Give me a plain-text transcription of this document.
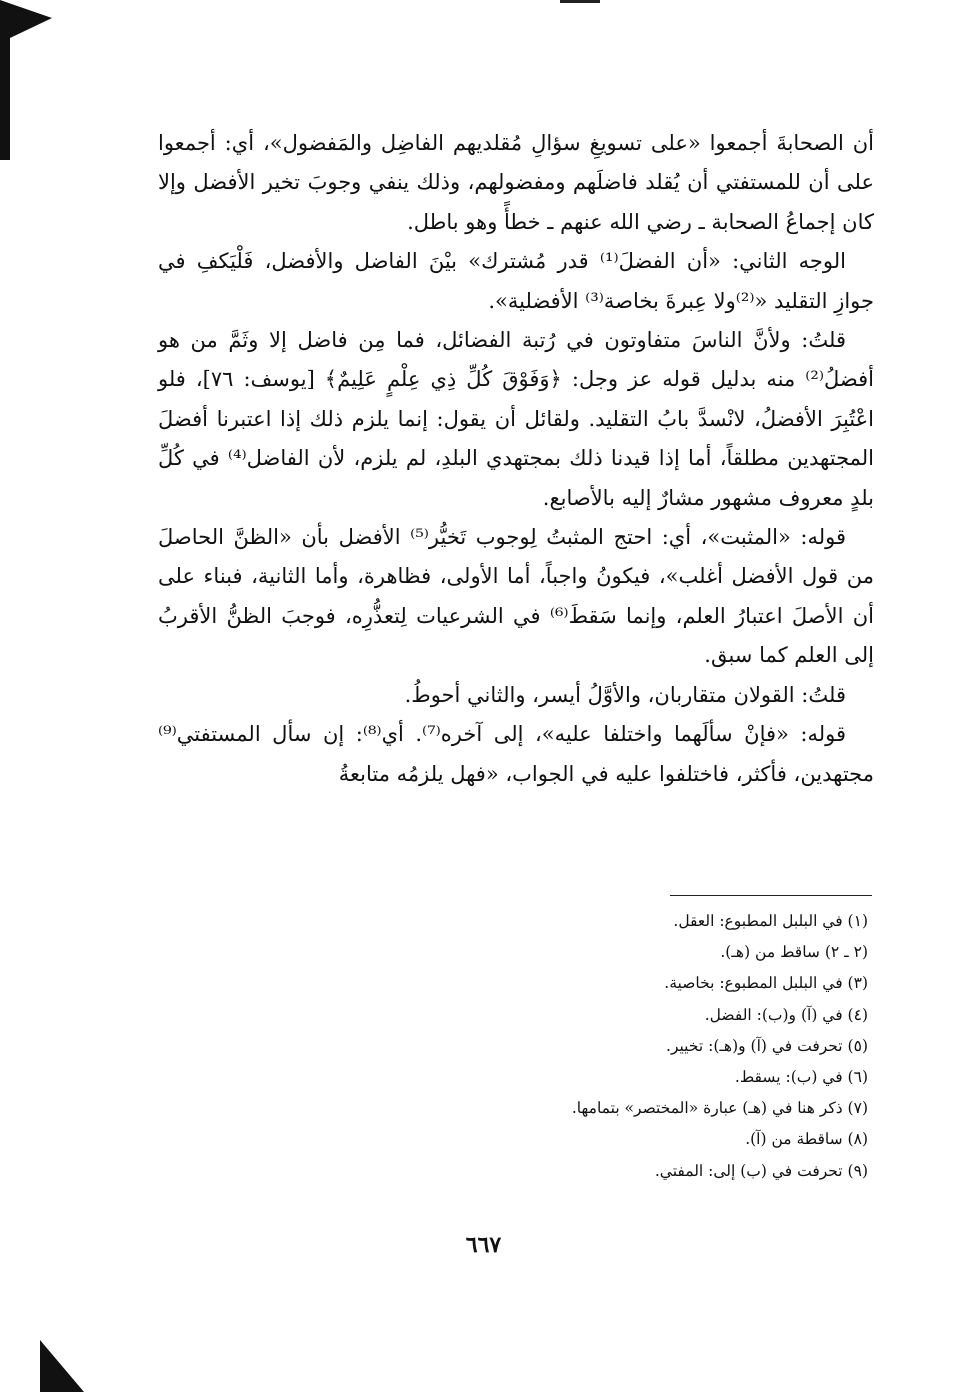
أن الصحابةَ أجمعوا «على تسويغِ سؤالِ مُقلديهم الفاضِل والمَفضول»، أي: أجمعوا على أن للمستفتي أن يُقلد فاضلَهم ومفضولهم، وذلك ينفي وجوبَ تخير الأفضل وإلا كان إجماعُ الصحابة ـ رضي الله عنهم ـ خطأً وهو باطل.

الوجه الثاني: «أن الفضلَ⁽¹⁾ قدر مُشترك» بيْنَ الفاضل والأفضل، فَلْيَكفِ في جوازِ التقليد «⁽²⁾ولا عِبرةَ بخاصة⁽³⁾ الأفضلية».

قلتُ: ولأنَّ الناسَ متفاوتون في رُتبة الفضائل، فما مِن فاضل إلا وثَمَّ من هو أفضلُ⁽²⁾ منه بدليل قوله عز وجل: ﴿وَفَوْقَ كُلِّ ذِي عِلْمٍ عَلِيمٌ﴾ [يوسف: ٧٦]، فلو اعْتُبِرَ الأفضلُ، لانْسدَّ بابُ التقليد. ولقائل أن يقول: إنما يلزم ذلك إذا اعتبرنا أفضلَ المجتهدين مطلقاً، أما إذا قيدنا ذلك بمجتهدي البلدِ، لم يلزم، لأن الفاضل⁽⁴⁾ في كُلِّ بلدٍ معروف مشهور مشارٌ إليه بالأصابع.

قوله: «المثبت»، أي: احتج المثبتُ لِوجوب تَخيُّر⁽⁵⁾ الأفضل بأن «الظنَّ الحاصلَ من قول الأفضل أغلب»، فيكونُ واجباً، أما الأولى، فظاهرة، وأما الثانية، فبناء على أن الأصلَ اعتبارُ العلم، وإنما سَقطَ⁽⁶⁾ في الشرعيات لِتعذُّرِه، فوجبَ الظنُّ الأقربُ إلى العلم كما سبق.

قلتُ: القولان متقاربان، والأوَّلُ أيسر، والثاني أحوطُ.

قوله: «فإنْ سألَهما واختلفا عليه»، إلى آخره⁽⁷⁾. أي⁽⁸⁾: إن سأل المستفتي⁽⁹⁾ مجتهدين، فأكثر، فاختلفوا عليه في الجواب، «فهل يلزمُه متابعةُ

(١) في البلبل المطبوع: العقل.

(٢ ـ ٢) ساقط من (هـ).

(٣) في البلبل المطبوع: بخاصية.

(٤) في (آ) و(ب): الفضل.

(٥) تحرفت في (آ) و(هـ): تخيير.

(٦) في (ب): يسقط.

(٧) ذكر هنا في (هـ) عبارة «المختصر» بتمامها.

(٨) ساقطة من (آ).

(٩) تحرفت في (ب) إلى: المفتي.

٦٦٧
